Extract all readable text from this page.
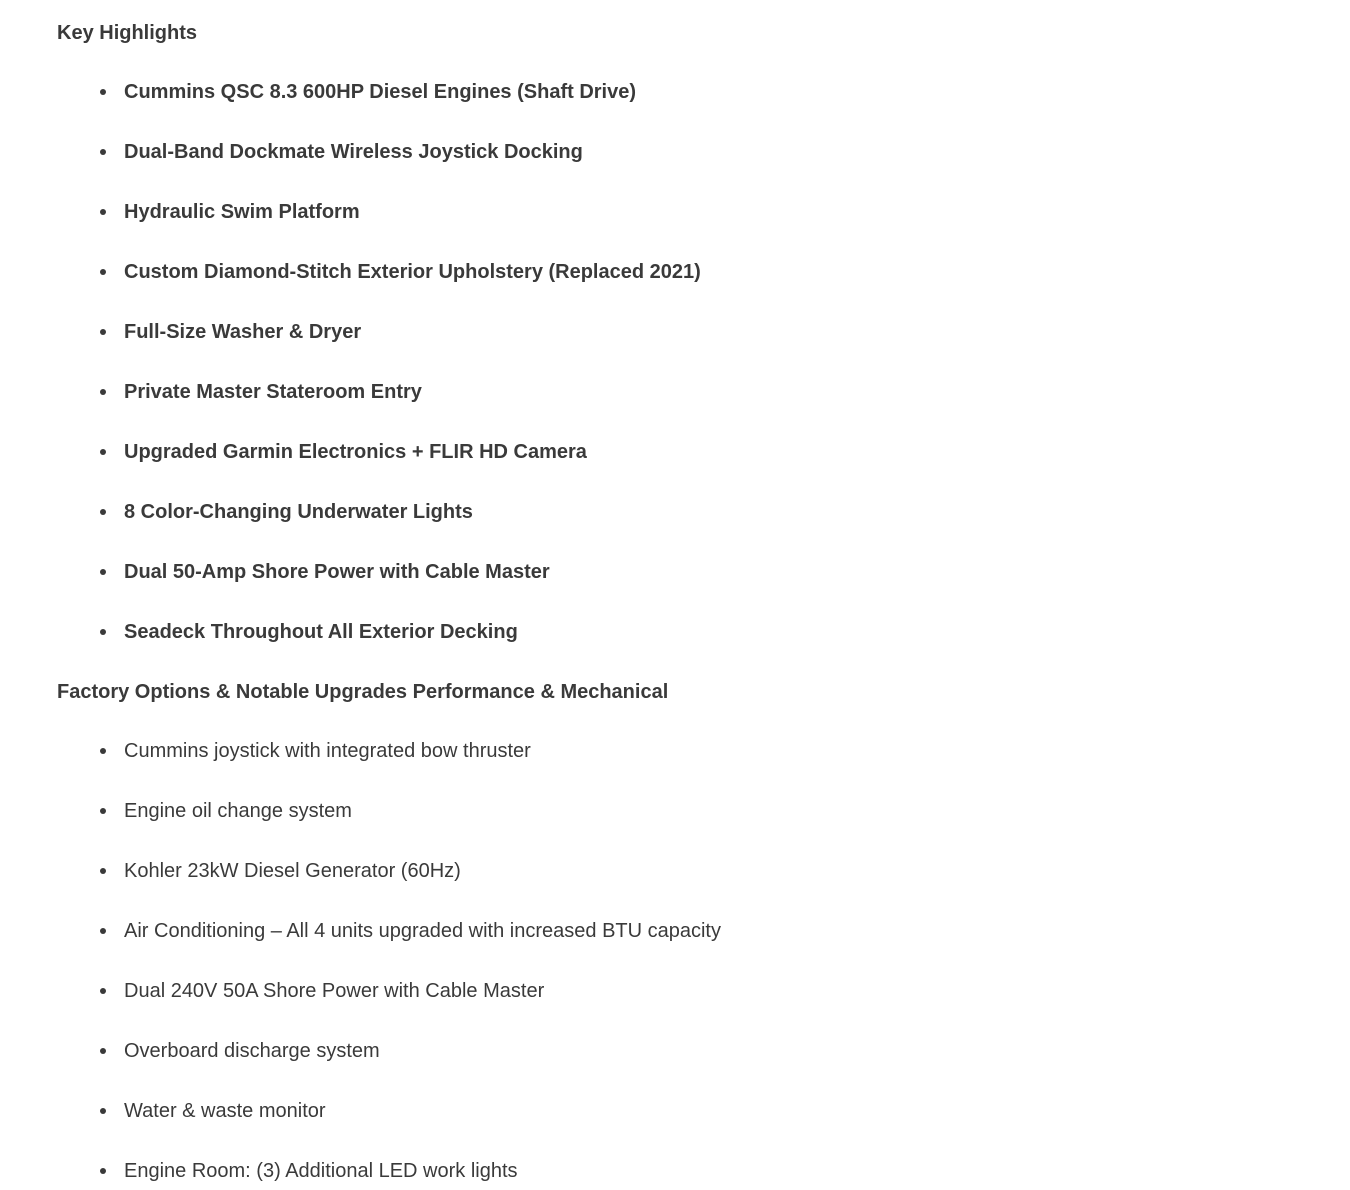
Key Highlights

Cummins QSC 8.3 600HP Diesel Engines (Shaft Drive)
Dual-Band Dockmate Wireless Joystick Docking
Hydraulic Swim Platform
Custom Diamond-Stitch Exterior Upholstery (Replaced 2021)
Full-Size Washer & Dryer
Private Master Stateroom Entry
Upgraded Garmin Electronics + FLIR HD Camera
8 Color-Changing Underwater Lights
Dual 50-Amp Shore Power with Cable Master
Seadeck Throughout All Exterior Decking

Factory Options & Notable Upgrades Performance & Mechanical

Cummins joystick with integrated bow thruster
Engine oil change system
Kohler 23kW Diesel Generator (60Hz)
Air Conditioning – All 4 units upgraded with increased BTU capacity
Dual 240V 50A Shore Power with Cable Master
Overboard discharge system
Water & waste monitor
Engine Room: (3) Additional LED work lights
